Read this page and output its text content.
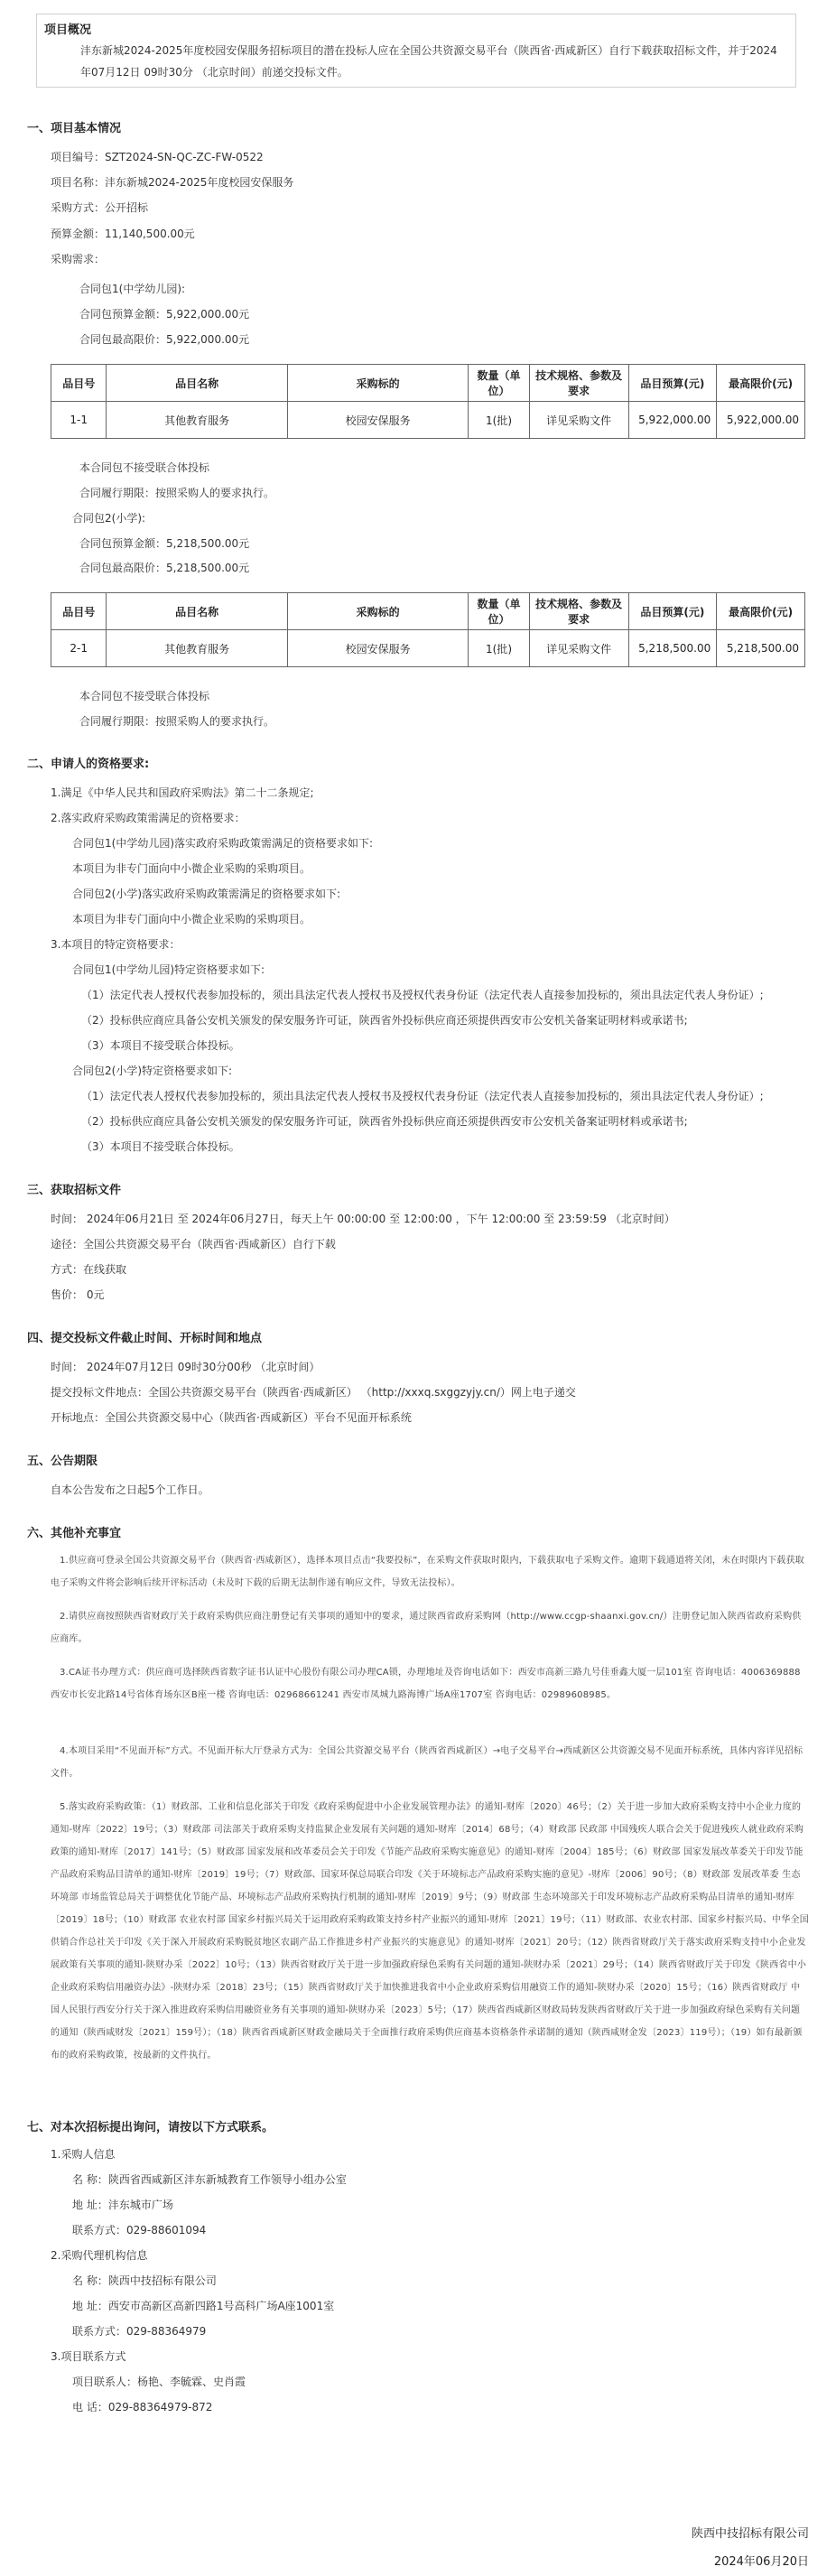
项目概况
沣东新城2024-2025年度校园安保服务招标项目的潜在投标人应在全国公共资源交易平台（陕西省·西咸新区）自行下载获取招标文件，并于2024年07月12日 09时30分 （北京时间）前递交投标文件。
一、项目基本情况
项目编号：SZT2024-SN-QC-ZC-FW-0522
项目名称：沣东新城2024-2025年度校园安保服务
采购方式：公开招标
预算金额：11,140,500.00元
采购需求：
合同包1(中学幼儿园):
合同包预算金额：5,922,000.00元
合同包最高限价：5,922,000.00元
品目号	品目名称	采购标的	数量（单位）	技术规格、参数及要求	品目预算(元)	最高限价(元)
1-1	其他教育服务	校园安保服务	1(批)	详见采购文件	5,922,000.00	5,922,000.00
本合同包不接受联合体投标
合同履行期限：按照采购人的要求执行。
合同包2(小学):
合同包预算金额：5,218,500.00元
合同包最高限价：5,218,500.00元
品目号	品目名称	采购标的	数量（单位）	技术规格、参数及要求	品目预算(元)	最高限价(元)
2-1	其他教育服务	校园安保服务	1(批)	详见采购文件	5,218,500.00	5,218,500.00
本合同包不接受联合体投标
合同履行期限：按照采购人的要求执行。
二、申请人的资格要求:
1.满足《中华人民共和国政府采购法》第二十二条规定;
2.落实政府采购政策需满足的资格要求：
合同包1(中学幼儿园)落实政府采购政策需满足的资格要求如下:
本项目为非专门面向中小微企业采购的采购项目。
合同包2(小学)落实政府采购政策需满足的资格要求如下:
本项目为非专门面向中小微企业采购的采购项目。
3.本项目的特定资格要求：
合同包1(中学幼儿园)特定资格要求如下:
（1）法定代表人授权代表参加投标的，须出具法定代表人授权书及授权代表身份证（法定代表人直接参加投标的，须出具法定代表人身份证）;
（2）投标供应商应具备公安机关颁发的保安服务许可证，陕西省外投标供应商还须提供西安市公安机关备案证明材料或承诺书;
（3）本项目不接受联合体投标。
合同包2(小学)特定资格要求如下:
（1）法定代表人授权代表参加投标的，须出具法定代表人授权书及授权代表身份证（法定代表人直接参加投标的，须出具法定代表人身份证）;
（2）投标供应商应具备公安机关颁发的保安服务许可证，陕西省外投标供应商还须提供西安市公安机关备案证明材料或承诺书;
（3）本项目不接受联合体投标。
三、获取招标文件
时间： 2024年06月21日 至 2024年06月27日，每天上午 00:00:00 至 12:00:00 ，下午 12:00:00 至 23:59:59 （北京时间）
途径：全国公共资源交易平台（陕西省·西咸新区）自行下载
方式：在线获取
售价： 0元
四、提交投标文件截止时间、开标时间和地点
时间： 2024年07月12日 09时30分00秒 （北京时间）
提交投标文件地点：全国公共资源交易平台（陕西省·西咸新区） （http://xxxq.sxggzyjy.cn/）网上电子递交
开标地点：全国公共资源交易中心（陕西省·西咸新区）平台不见面开标系统
五、公告期限
自本公告发布之日起5个工作日。
六、其他补充事宜
1.供应商可登录全国公共资源交易平台（陕西省·西咸新区），选择本项目点击“我要投标”，在采购文件获取时限内，下载获取电子采购文件。逾期下载通道将关闭，未在时限内下载获取电子采购文件将会影响后续开评标活动（未及时下载的后期无法制作递有响应文件，导致无法投标）。
2.请供应商按照陕西省财政厅关于政府采购供应商注册登记有关事项的通知中的要求，通过陕西省政府采购网（http://www.ccgp-shaanxi.gov.cn/）注册登记加入陕西省政府采购供应商库。
3.CA证书办理方式：供应商可选择陕西省数字证书认证中心股份有限公司办理CA锁，办理地址及咨询电话如下：西安市高新三路九号佳垂鑫大厦一层101室 咨询电话：4006369888 西安市长安北路14号省体育场东区B座一楼 咨询电话：02968661241 西安市凤城九路海博广场A座1707室 咨询电话：02989608985。
4.本项目采用“不见面开标”方式。不见面开标大厅登录方式为：全国公共资源交易平台（陕西省西咸新区）→电子交易平台→西咸新区公共资源交易不见面开标系统，具体内容详见招标文件。
5.落实政府采购政策：（1）财政部、工业和信息化部关于印发《政府采购促进中小企业发展管理办法》的通知-财库〔2020〕46号；（2）关于进一步加大政府采购支持中小企业力度的通知-财库〔2022〕19号；（3）财政部 司法部关于政府采购支持监狱企业发展有关问题的通知-财库〔2014〕68号；（4）财政部 民政部 中国残疾人联合会关于促进残疾人就业政府采购政策的通知-财库〔2017〕141号；（5）财政部 国家发展和改革委员会关于印发《节能产品政府采购实施意见》的通知-财库〔2004〕185号；（6）财政部 国家发展改革委关于印发节能产品政府采购品目清单的通知-财库〔2019〕19号；（7）财政部、国家环保总局联合印发《关于环境标志产品政府采购实施的意见》-财库〔2006〕90号；（8）财政部 发展改革委 生态环境部 市场监管总局关于调整优化节能产品、环境标志产品政府采购执行机制的通知-财库〔2019〕9号；（9）财政部 生态环境部关于印发环境标志产品政府采购品目清单的通知-财库〔2019〕18号；（10）财政部 农业农村部 国家乡村振兴局关于运用政府采购政策支持乡村产业振兴的通知-财库〔2021〕19号；（11）财政部、农业农村部、国家乡村振兴局、中华全国供销合作总社关于印发《关于深入开展政府采购脱贫地区农副产品工作推进乡村产业振兴的实施意见》的通知-财库〔2021〕20号；（12）陕西省财政厅关于落实政府采购支持中小企业发展政策有关事项的通知-陕财办采〔2022〕10号；（13）陕西省财政厅关于进一步加强政府绿色采购有关问题的通知-陕财办采〔2021〕29号；（14）陕西省财政厅关于印发《陕西省中小企业政府采购信用融资办法》-陕财办采〔2018〕23号；（15）陕西省财政厅关于加快推进我省中小企业政府采购信用融资工作的通知-陕财办采〔2020〕15号；（16）陕西省财政厅 中国人民银行西安分行关于深入推进政府采购信用融资业务有关事项的通知-陕财办采〔2023〕5号；（17）陕西省西咸新区财政局转发陕西省财政厅关于进一步加强政府绿色采购有关问题的通知（陕西咸财发〔2021〕159号）；（18）陕西省西咸新区财政金融局关于全面推行政府采购供应商基本资格条件承诺制的通知（陕西咸财金发〔2023〕119号）；（19）如有最新颁布的政府采购政策，按最新的文件执行。
七、对本次招标提出询问，请按以下方式联系。
1.采购人信息
名 称：陕西省西咸新区沣东新城教育工作领导小组办公室
地 址：沣东城市广场
联系方式：029-88601094
2.采购代理机构信息
名 称：陕西中技招标有限公司
地 址：西安市高新区高新四路1号高科广场A座1001室
联系方式：029-88364979
3.项目联系方式
项目联系人：杨艳、李毓霖、史肖霞
电 话：029-88364979-872
陕西中技招标有限公司
2024年06月20日
